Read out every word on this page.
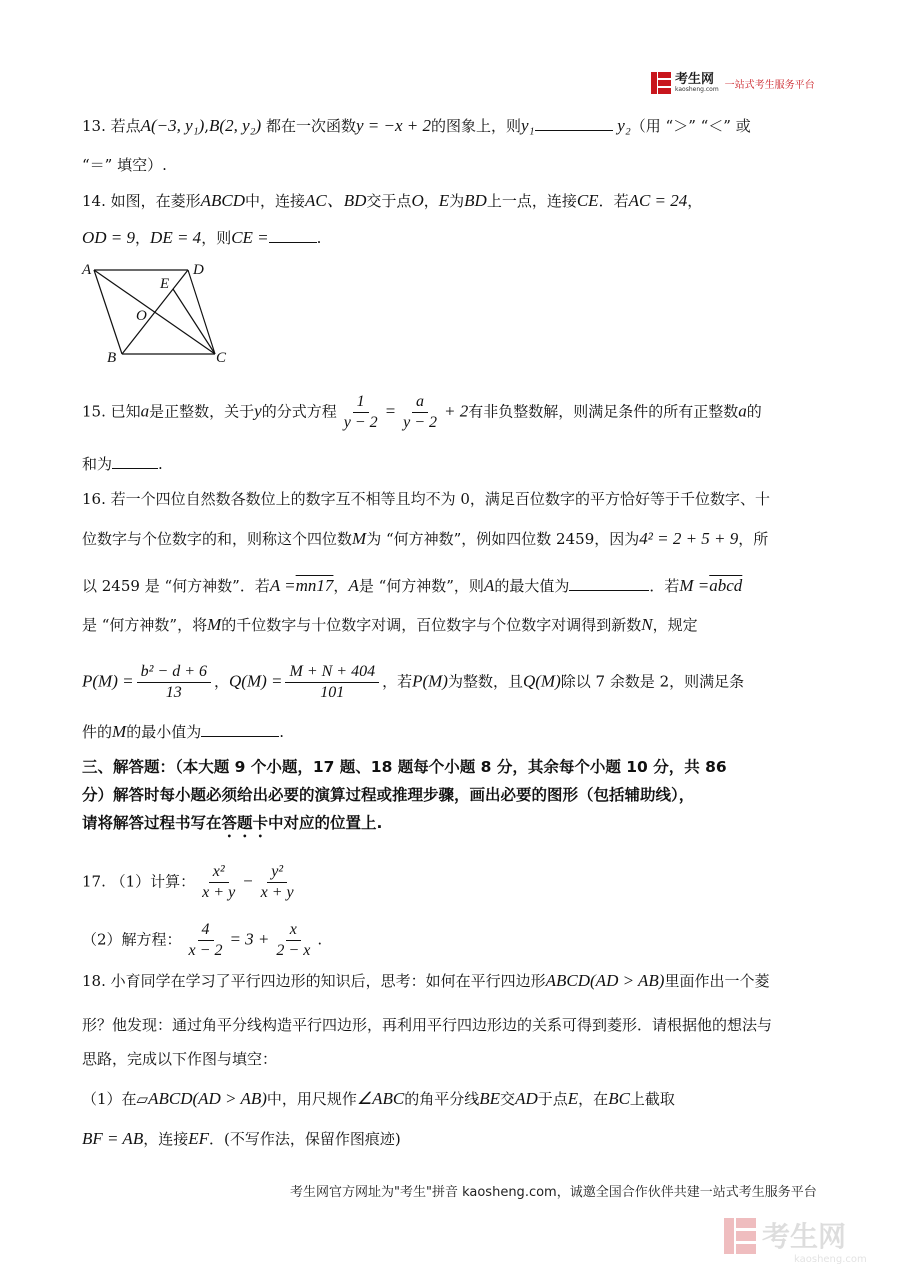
考生网
kaosheng.com 一站式考生服务平台
13. 若点A(−3, y₁),B(2, y₂) 都在一次函数y = −x + 2的图象上，则y₁	y₂（用 “＞” “＜” 或
“＝” 填空）.
14. 如图，在菱形ABCD中，连接AC、BD交于点O，E为BD上一点，连接CE．若AC = 24，
OD = 9，DE = 4，则CE =	.
A	D
E
O
B	C
15. 已知a是正整数，关于y的分式方程 $\frac{1}{y - 2} = \frac{a}{y - 2} + 2$有非负整数解，则满足条件的所有正整数a的
和为	.
16. 若一个四位自然数各数位上的数字互不相等且均不为 0，满足百位数字的平方恰好等于千位数字、十
位数字与个位数字的和，则称这个四位数M为 “何方神数”，例如四位数 2459，因为4² = 2 + 5 + 9，所
以 2459 是 “何方神数”．若A =mn17，A是 “何方神数”，则A的最大值为	．若M =abcd
是 “何方神数”，将M的千位数字与十位数字对调，百位数字与个位数字对调得到新数N，规定
$P(M) = \frac{\text{b² − d + 6}}{13}$ ，$Q(M) = \frac{M + N + 404}{101}$ ，若P(M)为整数，且Q(M)除以 7 余数是 2，则满足条
件的M的最小值为	.
三、解答题：（本大题 9 个小题，17 题、18 题每个小题 8 分，其余每个小题 10 分，共 86
分）解答时每小题必须给出必要的演算过程或推理步骤，画出必要的图形（包括辅助线），
请将解答过程书写在答题卡中对应的位置上.
17. （1）计算： $\frac{\text{x²}}{x + y} - \frac{\text{y²}}{x + y}$
（2）解方程： $\frac{4}{x - 2} = 3 + \frac{x}{2 - x}$ .
18. 小育同学在学习了平行四边形的知识后，思考：如何在平行四边形ABCD(AD > AB)里面作出一个菱
形？他发现：通过角平分线构造平行四边形，再利用平行四边形边的关系可得到菱形．请根据他的想法与
思路，完成以下作图与填空：
（1）在▱ABCD(AD > AB)中，用尺规作∠ABC的角平分线BE交AD于点E，在BC上截取
BF = AB，连接EF．(不写作法，保留作图痕迹)
考生网官方网址为"考生"拼音 kaosheng.com，诚邀全国合作伙伴共建一站式考生服务平台
考生网
kaosheng.com
